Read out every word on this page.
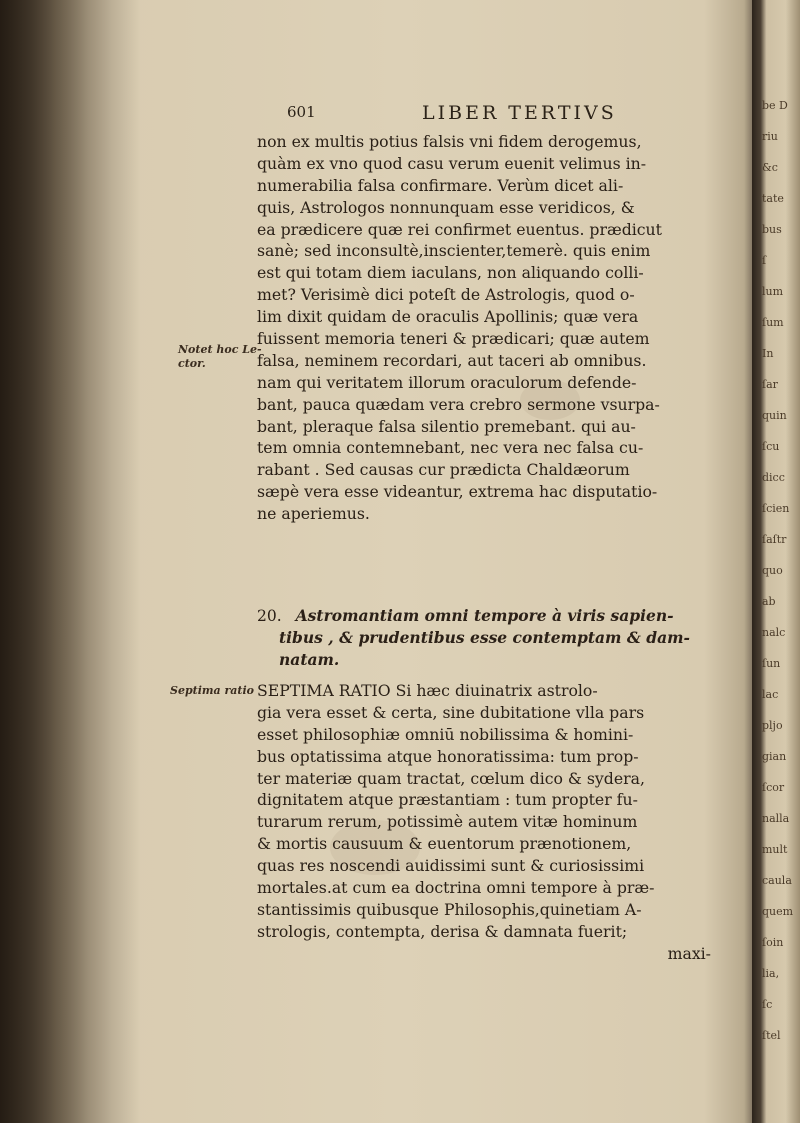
601	LIBER TERTIVS
Notet hoc Le-
ctor.
non ex multis potius falsis vni fidem derogemus,
quàm ex vno quod casu verum euenit velimus in-
numerabilia falsa confirmare. Verùm dicet ali-
quis, Astrologos nonnunquam esse veridicos, &
ea prædicere quæ rei confirmet euentus. prædicut
sanè; sed inconsultè,inscienter,temerè. quis enim
est qui totam diem iaculans, non aliquando colli-
met? Verisimè dici poteſt de Astrologis, quod o-
lim dixit quidam de oraculis Apollinis; quæ vera
fuissent memoria teneri & prædicari; quæ autem
falsa, neminem recordari, aut taceri ab omnibus.
nam qui veritatem illorum oraculorum defende-
bant, pauca quædam vera crebro sermone vsurpa-
bant, pleraque falsa silentio premebant. qui au-
tem omnia contemnebant, nec vera nec falsa cu-
rabant . Sed causas cur prædicta Chaldæorum
sæpè vera esse videantur, extrema hac disputatio-
ne aperiemus.
20. Astromantiam omni tempore à viris sapien-
tibus , & prudentibus esse contemptam & dam-
natam.
Septima ratio SEPTIMA RATIO Si hæc diuinatrix astrolo-
gia vera esset & certa, sine dubitatione vlla pars
esset philosophiæ omniū nobilissima & homini-
bus optatissima atque honoratissima: tum prop-
ter materiæ quam tractat, cœlum dico & sydera,
dignitatem atque præstantiam : tum propter fu-
turarum rerum, potissimè autem vitæ hominum
& mortis causuum & euentorum prænotionem,
quas res noscendi auidissimi sunt & curiosissimi
mortales.at cum ea doctrina omni tempore à præ-
stantissimis quibusque Philosophis,quinetiam A-
strologis, contempta, derisa & damnata fuerit;
maxi-
be D
riu
&c
tate
bus
ſ
lum
ſum
In
ſar
quin
ſcu
dicc
ſcien
ſaſtr
quo
ab
nalc
ſun
lac
pljo
gian
ſcor
nalla
mult
caula
quem
ſoin
lia,
ſc
ſtel
